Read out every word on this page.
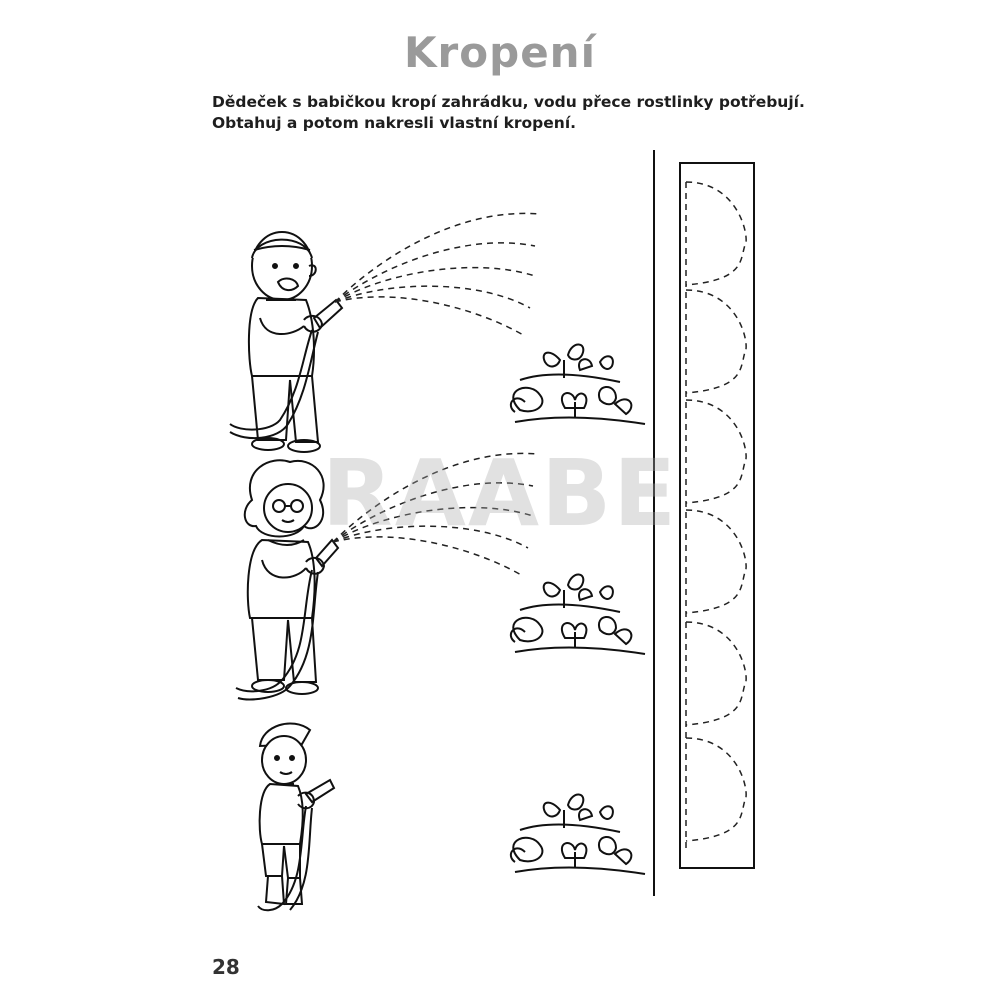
Kropení
Dědeček s babičkou kropí zahrádku, vodu přece rostlinky potřebují.
Obtahuj a potom nakresli vlastní kropení.
RAABE
28
